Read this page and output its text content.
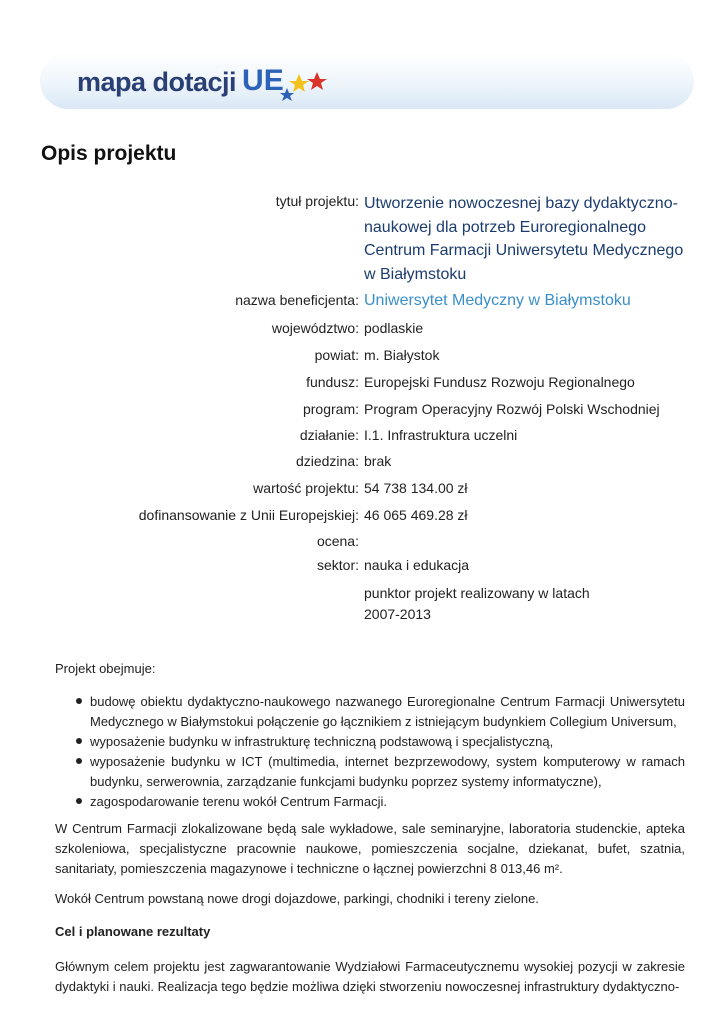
mapa dotacji UE
Opis projektu
tytuł projektu: Utworzenie nowoczesnej bazy dydaktyczno-naukowej dla potrzeb Euroregionalnego Centrum Farmacji Uniwersytetu Medycznego w Białymstoku
nazwa beneficjenta: Uniwersytet Medyczny w Białymstoku
województwo: podlaskie
powiat: m. Białystok
fundusz: Europejski Fundusz Rozwoju Regionalnego
program: Program Operacyjny Rozwój Polski Wschodniej
działanie: I.1. Infrastruktura uczelni
dziedzina: brak
wartość projektu: 54 738 134.00 zł
dofinansowanie z Unii Europejskiej: 46 065 469.28 zł
ocena:
sektor: nauka i edukacja
punktor projekt realizowany w latach 2007-2013
Projekt obejmuje:
budowę obiektu dydaktyczno-naukowego nazwanego Euroregionalne Centrum Farmacji Uniwersytetu Medycznego w Białymstokui połączenie go łącznikiem z istniejącym budynkiem Collegium Universum,
wyposażenie budynku w infrastrukturę techniczną podstawową i specjalistyczną,
wyposażenie budynku w ICT (multimedia, internet bezprzewodowy, system komputerowy w ramach budynku, serwerownia, zarządzanie funkcjami budynku poprzez systemy informatyczne),
zagospodarowanie terenu wokół Centrum Farmacji.
W Centrum Farmacji zlokalizowane będą sale wykładowe, sale seminaryjne, laboratoria studenckie, apteka szkoleniowa, specjalistyczne pracownie naukowe, pomieszczenia socjalne, dziekanat, bufet, szatnia, sanitariaty, pomieszczenia magazynowe i techniczne o łącznej powierzchni 8 013,46 m².
Wokół Centrum powstaną nowe drogi dojazdowe, parkingi, chodniki i tereny zielone.
Cel i planowane rezultaty
Głównym celem projektu jest zagwarantowanie Wydziałowi Farmaceutycznemu wysokiej pozycji w zakresie dydaktyki i nauki. Realizacja tego będzie możliwa dzięki stworzeniu nowoczesnej infrastruktury dydaktyczno-
